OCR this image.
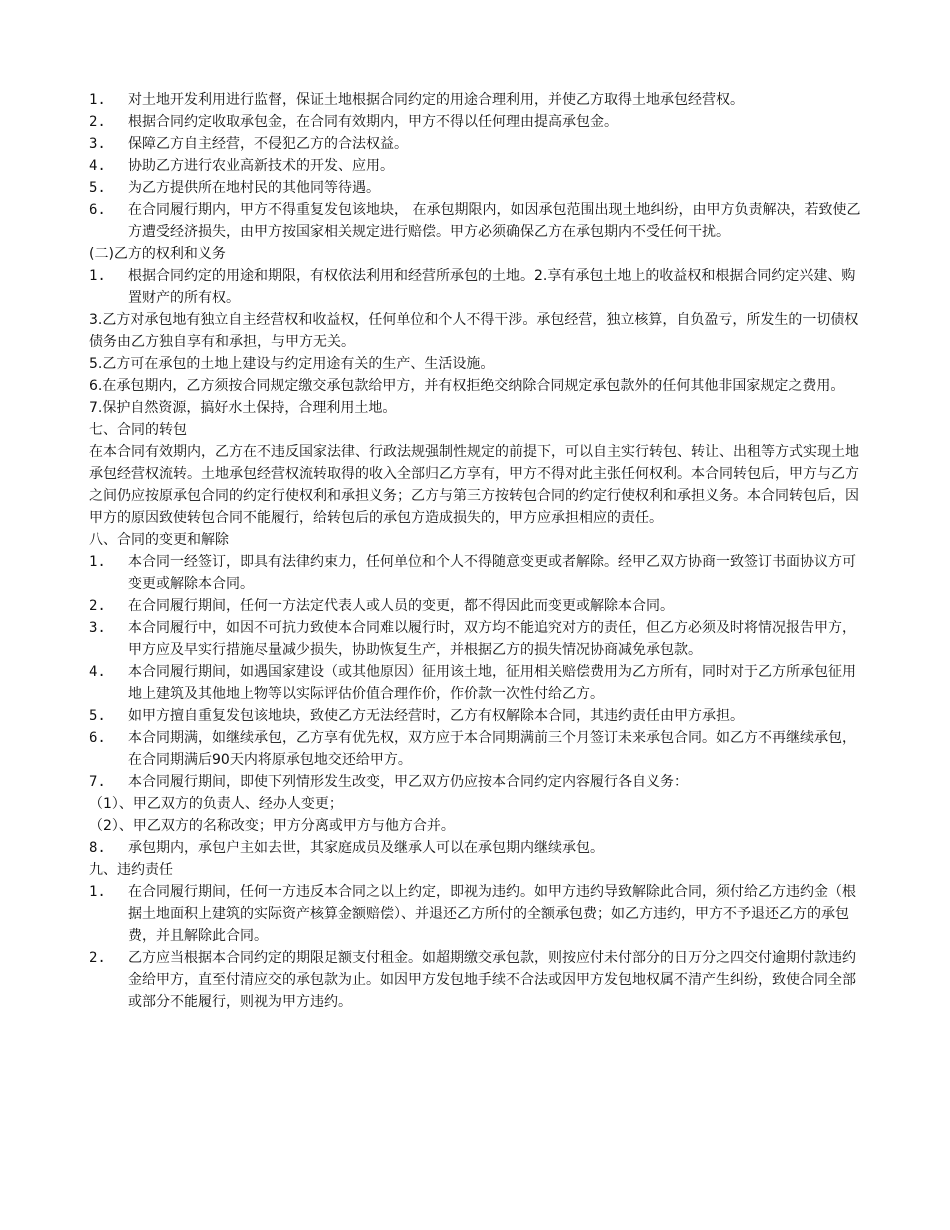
1. 对土地开发利用进行监督，保证土地根据合同约定的用途合理利用，并使乙方取得土地承包经营权。
2. 根据合同约定收取承包金，在合同有效期内，甲方不得以任何理由提高承包金。
3. 保障乙方自主经营，不侵犯乙方的合法权益。
4. 协助乙方进行农业高新技术的开发、应用。
5. 为乙方提供所在地村民的其他同等待遇。
6. 在合同履行期内，甲方不得重复发包该地块， 在承包期限内，如因承包范围出现土地纠纷，由甲方负责解决，若致使乙方遭受经济损失，由甲方按国家相关规定进行赔偿。甲方必须确保乙方在承包期内不受任何干扰。
(二)乙方的权利和义务
1. 根据合同约定的用途和期限，有权依法利用和经营所承包的土地。2.享有承包土地上的收益权和根据合同约定兴建、购置财产的所有权。

3.乙方对承包地有独立自主经营权和收益权，任何单位和个人不得干涉。承包经营，独立核算，自负盈亏，所发生的一切债权债务由乙方独自享有和承担，与甲方无关。

5.乙方可在承包的土地上建设与约定用途有关的生产、生活设施。

6.在承包期内，乙方须按合同规定缴交承包款给甲方，并有权拒绝交纳除合同规定承包款外的任何其他非国家规定之费用。

7.保护自然资源，搞好水土保持，合理利用土地。

七、合同的转包

在本合同有效期内，乙方在不违反国家法律、行政法规强制性规定的前提下，可以自主实行转包、转让、出租等方式实现土地承包经营权流转。土地承包经营权流转取得的收入全部归乙方享有，甲方不得对此主张任何权利。本合同转包后，甲方与乙方之间仍应按原承包合同的约定行使权利和承担义务；乙方与第三方按转包合同的约定行使权利和承担义务。本合同转包后，因甲方的原因致使转包合同不能履行，给转包后的承包方造成损失的，甲方应承担相应的责任。

八、合同的变更和解除
1. 本合同一经签订，即具有法律约束力，任何单位和个人不得随意变更或者解除。经甲乙双方协商一致签订书面协议方可变更或解除本合同。
2. 在合同履行期间，任何一方法定代表人或人员的变更，都不得因此而变更或解除本合同。
3. 本合同履行中，如因不可抗力致使本合同难以履行时，双方均不能追究对方的责任，但乙方必须及时将情况报告甲方，甲方应及早实行措施尽量减少损失，协助恢复生产，并根据乙方的损失情况协商减免承包款。
4. 本合同履行期间，如遇国家建设（或其他原因）征用该土地，征用相关赔偿费用为乙方所有，同时对于乙方所承包征用地上建筑及其他地上物等以实际评估价值合理作价，作价款一次性付给乙方。
5. 如甲方擅自重复发包该地块，致使乙方无法经营时，乙方有权解除本合同，其违约责任由甲方承担。
6. 本合同期满，如继续承包，乙方享有优先权，双方应于本合同期满前三个月签订未来承包合同。如乙方不再继续承包，在合同期满后90天内将原承包地交还给甲方。
7. 本合同履行期间，即使下列情形发生改变，甲乙双方仍应按本合同约定内容履行各自义务：
（1）、甲乙双方的负责人、经办人变更；
（2）、甲乙双方的名称改变；甲方分离或甲方与他方合并。
8. 承包期内，承包户主如去世，其家庭成员及继承人可以在承包期内继续承包。
九、违约责任
1. 在合同履行期间，任何一方违反本合同之以上约定，即视为违约。如甲方违约导致解除此合同，须付给乙方违约金（根据土地面积上建筑的实际资产核算金额赔偿）、并退还乙方所付的全额承包费；如乙方违约，甲方不予退还乙方的承包费，并且解除此合同。
2. 乙方应当根据本合同约定的期限足额支付租金。如超期缴交承包款，则按应付未付部分的日万分之四交付逾期付款违约金给甲方，直至付清应交的承包款为止。如因甲方发包地手续不合法或因甲方发包地权属不清产生纠纷，致使合同全部或部分不能履行，则视为甲方违约。
